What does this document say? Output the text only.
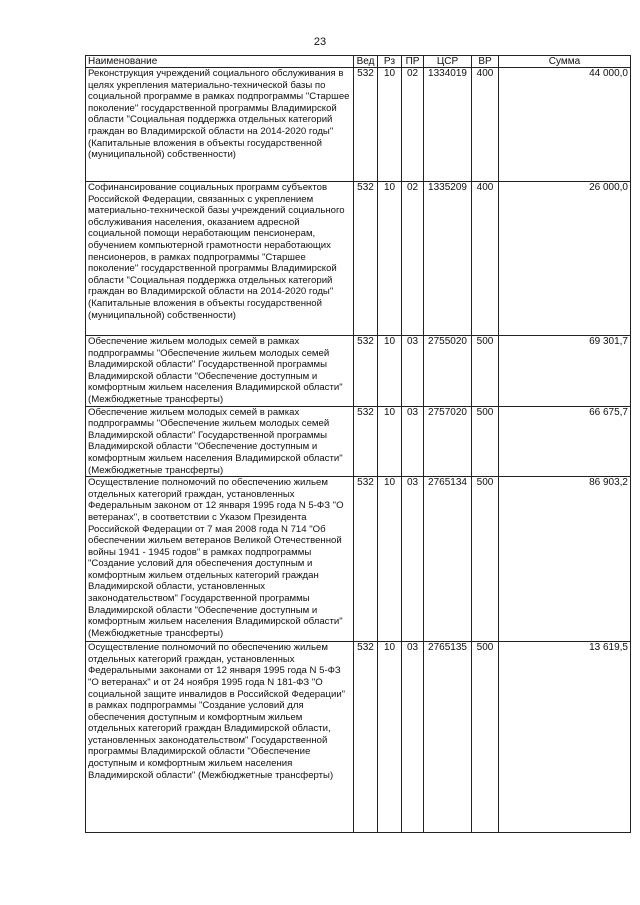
23
Наименование	Вед	Рз	ПР	ЦСР	ВР	Сумма
Реконструкция учреждений социального обслуживания в целях укрепления материально-технической базы по социальной программе в рамках подпрограммы "Старшее поколение" государственной программы Владимирской области "Социальная поддержка отдельных категорий граждан во Владимирской области на 2014-2020 годы" (Капитальные вложения в объекты государственной (муниципальной) собственности)	532	10	02	1334019	400	44 000,0
Софинансирование социальных программ субъектов Российской Федерации, связанных с укреплением материально-технической базы учреждений социального обслуживания населения, оказанием адресной социальной помощи неработающим пенсионерам, обучением компьютерной грамотности неработающих пенсионеров, в рамках подпрограммы "Старшее поколение" государственной программы Владимирской области "Социальная поддержка отдельных категорий граждан во Владимирской области на 2014-2020 годы" (Капитальные вложения в объекты государственной (муниципальной) собственности)	532	10	02	1335209	400	26 000,0
Обеспечение жильем молодых семей в рамках подпрограммы "Обеспечение жильем молодых семей Владимирской области" Государственной программы Владимирской области "Обеспечение доступным и комфортным жильем населения Владимирской области" (Межбюджетные трансферты)	532	10	03	2755020	500	69 301,7
Обеспечение жильем молодых семей в рамках подпрограммы "Обеспечение жильем молодых семей Владимирской области" Государственной программы Владимирской области "Обеспечение доступным и комфортным жильем населения Владимирской области" (Межбюджетные трансферты)	532	10	03	2757020	500	66 675,7
Осуществление полномочий по обеспечению жильем отдельных категорий граждан, установленных Федеральным законом от 12 января 1995 года N 5-ФЗ "О ветеранах", в соответствии с Указом Президента Российской Федерации от 7 мая 2008 года N 714 "Об обеспечении жильем ветеранов Великой Отечественной войны 1941 - 1945 годов" в рамках подпрограммы "Создание условий для обеспечения доступным и комфортным жильем отдельных категорий граждан Владимирской области, установленных законодательством" Государственной программы Владимирской области "Обеспечение доступным и комфортным жильем населения Владимирской области" (Межбюджетные трансферты)	532	10	03	2765134	500	86 903,2
Осуществление полномочий по обеспечению жильем отдельных категорий граждан, установленных Федеральными законами от 12 января 1995 года N 5-ФЗ "О ветеранах" и от 24 ноября 1995 года N 181-ФЗ "О социальной защите инвалидов в Российской Федерации" в рамках подпрограммы "Создание условий для обеспечения доступным и комфортным жильем отдельных категорий граждан Владимирской области, установленных законодательством" Государственной программы Владимирской области "Обеспечение доступным и комфортным жильем населения Владимирской области" (Межбюджетные трансферты)	532	10	03	2765135	500	13 619,5
